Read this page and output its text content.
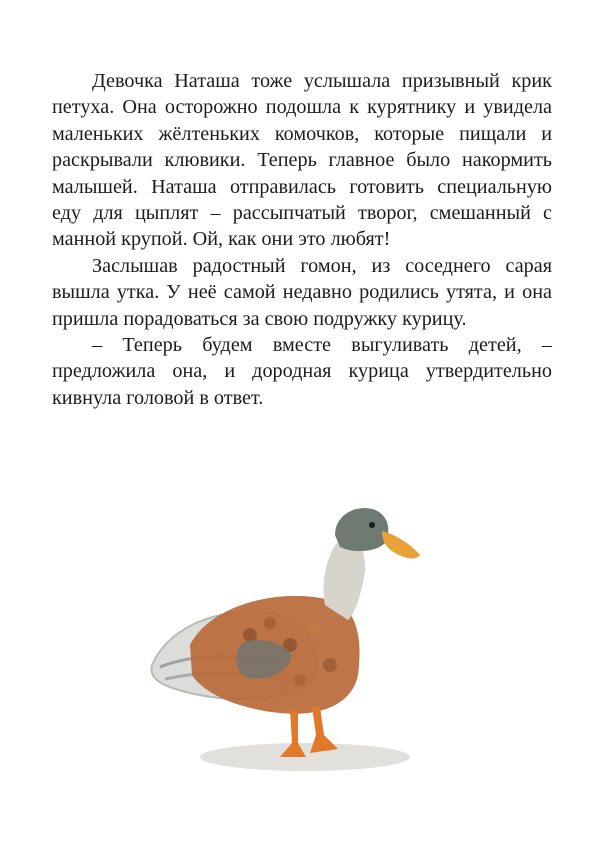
Девочка Наташа тоже услышала призывный крик петуха. Она осторожно подошла к курятнику и увидела маленьких жёлтеньких комочков, которые пищали и раскрывали клювики. Теперь главное было накормить малышей. Наташа отправилась готовить специальную еду для цыплят – рассыпчатый творог, смешанный с манной крупой. Ой, как они это любят!

Заслышав радостный гомон, из соседнего сарая вышла утка. У неё самой недавно родились утята, и она пришла порадоваться за свою подружку курицу.

– Теперь будем вместе выгуливать детей, – предложила она, и дородная курица утвердительно кивнула головой в ответ.
